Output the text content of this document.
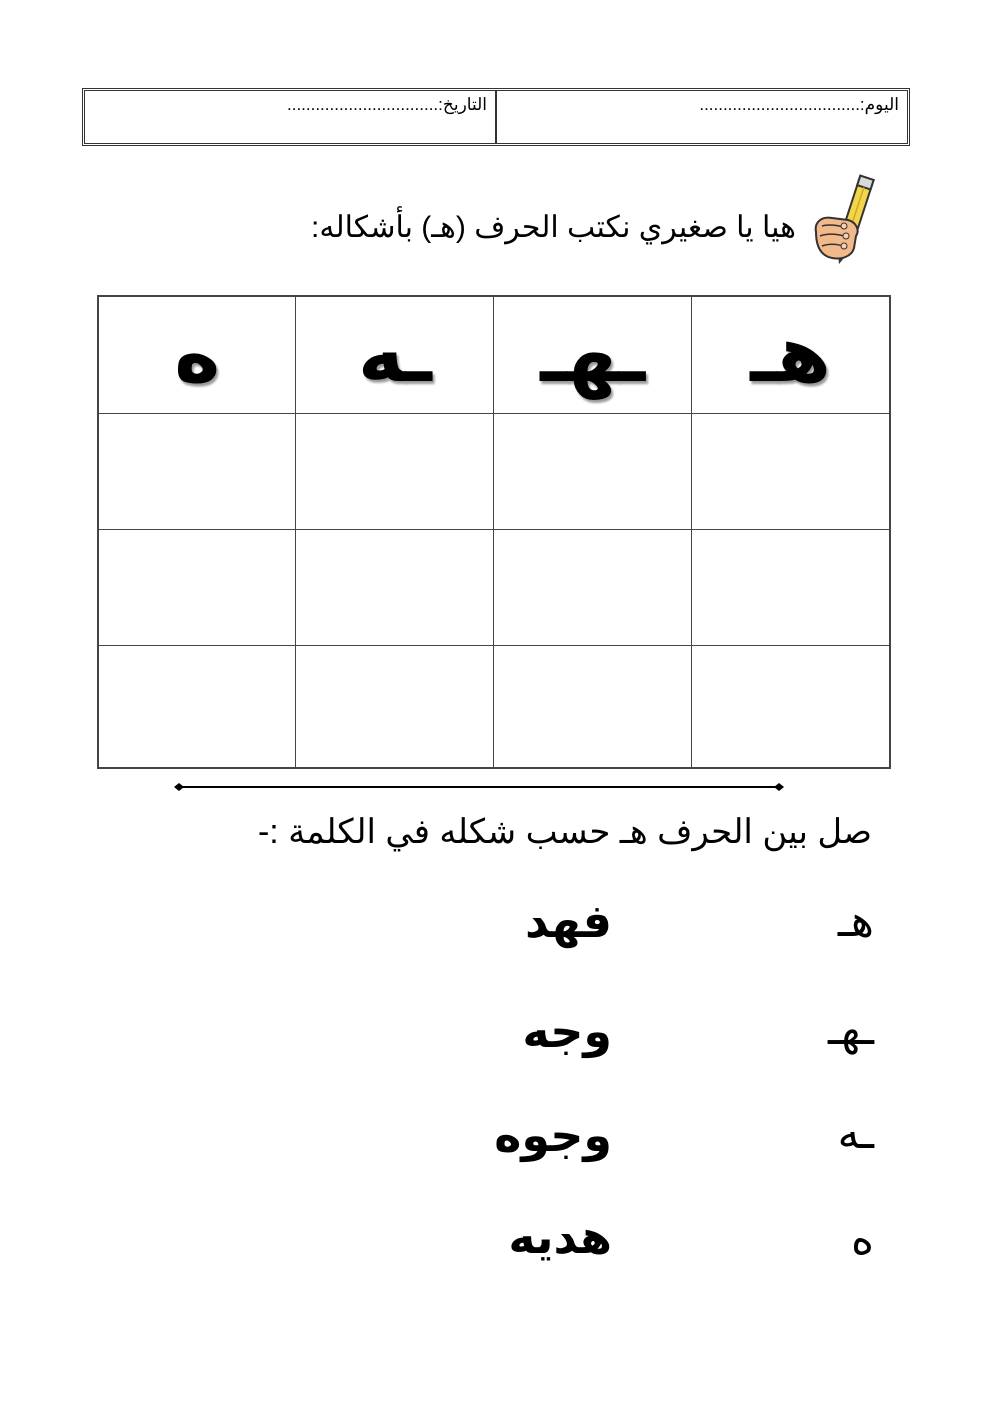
التاريخ:................................	اليوم:..................................
هيا يا صغيري نكتب الحرف (هـ) بأشكاله:
هـ	ـهـ	ـه	ه

صل بين الحرف هـ حسب شكله في الكلمة :-
هـ
ـهـ
ـه
ه
فهد
وجه
وجوه
هديه
